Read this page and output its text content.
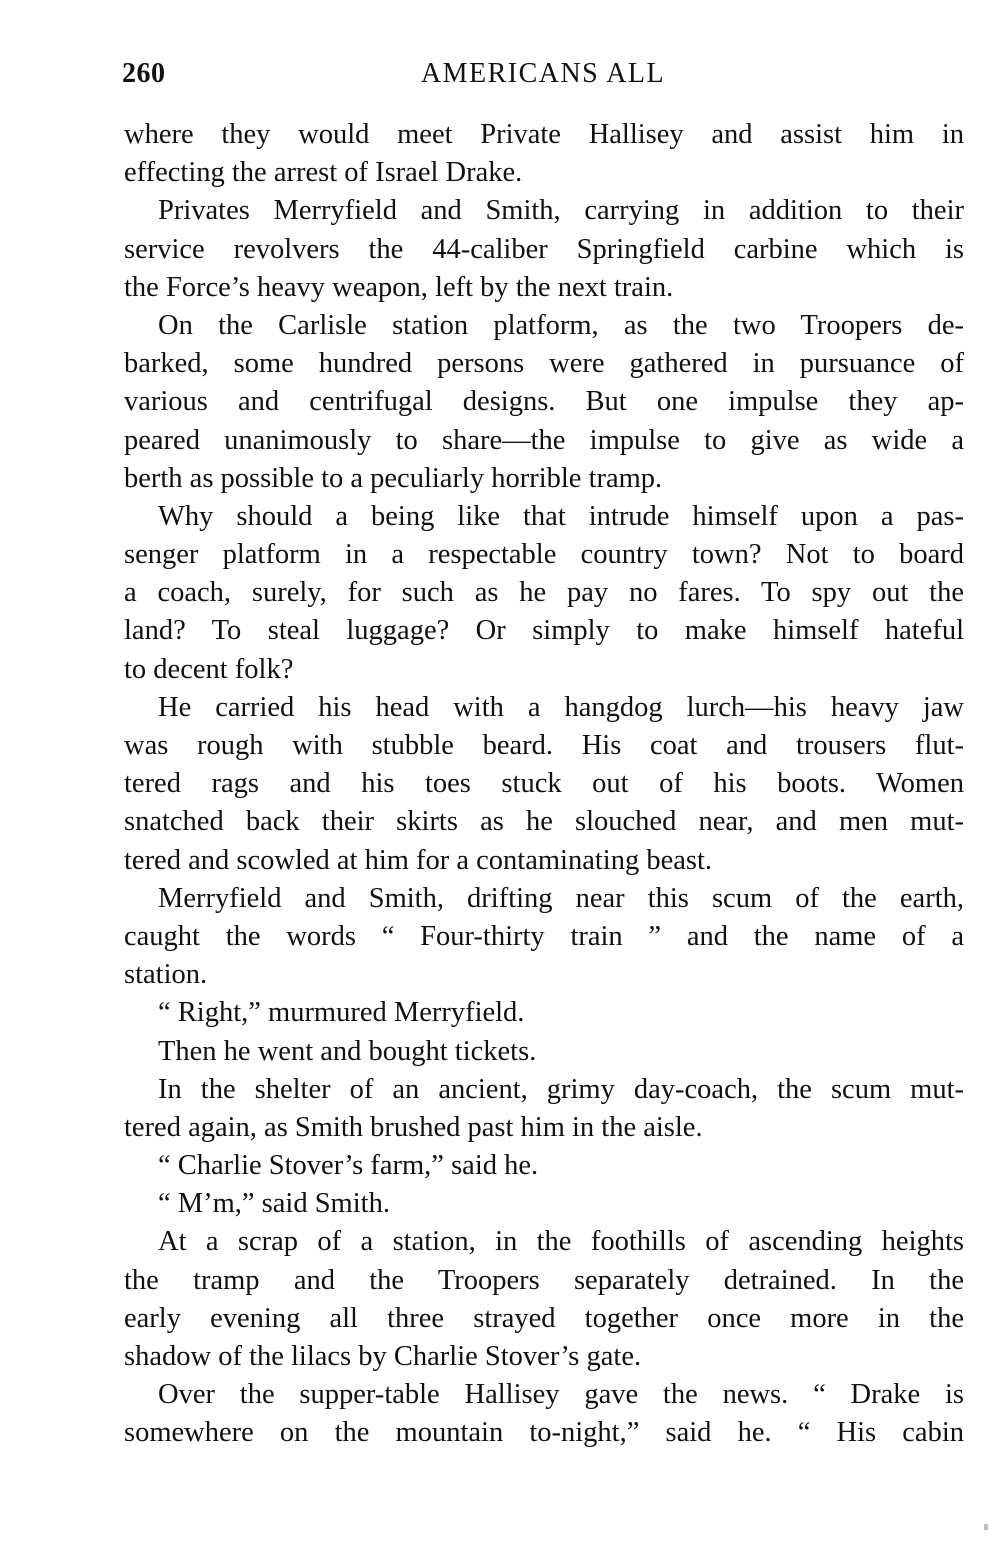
260	AMERICANS ALL
where they would meet Private Hallisey and assist him in
effecting the arrest of Israel Drake.
Privates Merryfield and Smith, carrying in addition to their
service revolvers the 44-caliber Springfield carbine which is
the Force’s heavy weapon, left by the next train.
On the Carlisle station platform, as the two Troopers de-
barked, some hundred persons were gathered in pursuance of
various and centrifugal designs. But one impulse they ap-
peared unanimously to share—the impulse to give as wide a
berth as possible to a peculiarly horrible tramp.
Why should a being like that intrude himself upon a pas-
senger platform in a respectable country town? Not to board
a coach, surely, for such as he pay no fares. To spy out the
land? To steal luggage? Or simply to make himself hateful
to decent folk?
He carried his head with a hangdog lurch—his heavy jaw
was rough with stubble beard. His coat and trousers flut-
tered rags and his toes stuck out of his boots. Women
snatched back their skirts as he slouched near, and men mut-
tered and scowled at him for a contaminating beast.
Merryfield and Smith, drifting near this scum of the earth,
caught the words “ Four-thirty train ” and the name of a
station.
“ Right,” murmured Merryfield.
Then he went and bought tickets.
In the shelter of an ancient, grimy day-coach, the scum mut-
tered again, as Smith brushed past him in the aisle.
“ Charlie Stover’s farm,” said he.
“ M’m,” said Smith.
At a scrap of a station, in the foothills of ascending heights
the tramp and the Troopers separately detrained. In the
early evening all three strayed together once more in the
shadow of the lilacs by Charlie Stover’s gate.
Over the supper-table Hallisey gave the news. “ Drake is
somewhere on the mountain to-night,” said he. “ His cabin
